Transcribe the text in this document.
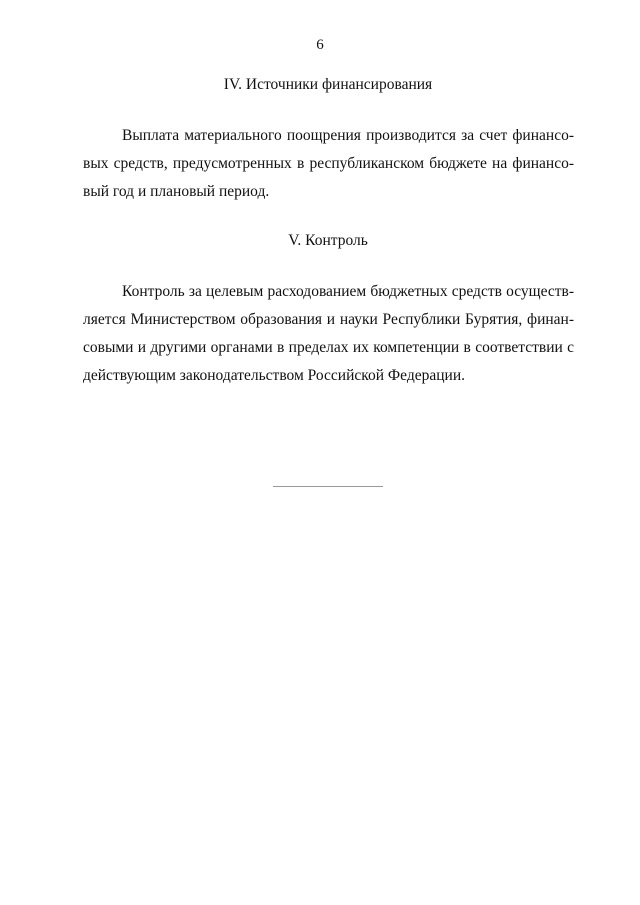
6
IV. Источники финансирования
Выплата материального поощрения производится за счет финансо-
вых средств, предусмотренных в республиканском бюджете на финансо-
вый год и плановый период.
V. Контроль
Контроль за целевым расходованием бюджетных средств осуществ-
ляется Министерством образования и науки Республики Бурятия, финан-
совыми и другими органами в пределах их компетенции в соответствии с
действующим законодательством Российской Федерации.
